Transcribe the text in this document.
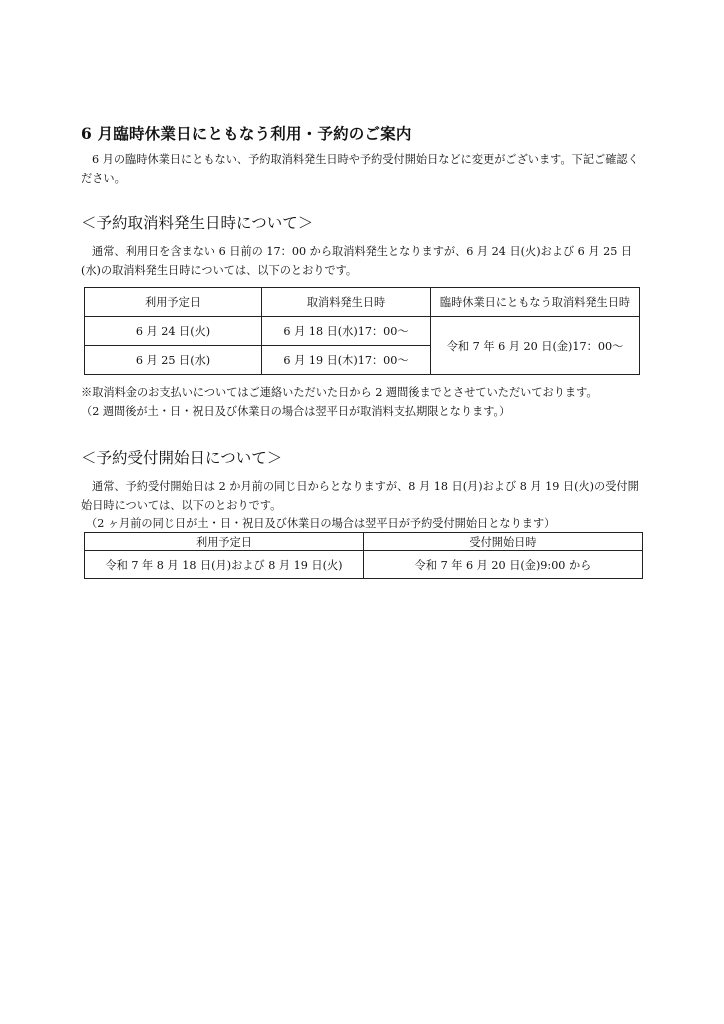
6 月臨時休業日にともなう利用・予約のご案内
6 月の臨時休業日にともない、予約取消料発生日時や予約受付開始日などに変更がございます。下記ご確認ください。
＜予約取消料発生日時について＞
通常、利用日を含まない 6 日前の 17：00 から取消料発生となりますが、6 月 24 日(火)および 6 月 25 日(水)の取消料発生日時については、以下のとおりです。
利用予定日	取消料発生日時	臨時休業日にともなう取消料発生日時
6 月 24 日(火)	6 月 18 日(水)17：00～	令和 7 年 6 月 20 日(金)17：00～
6 月 25 日(水)	6 月 19 日(木)17：00～	
※取消料金のお支払いについてはご連絡いただいた日から 2 週間後までとさせていただいております。
（2 週間後が土・日・祝日及び休業日の場合は翌平日が取消料支払期限となります。）
＜予約受付開始日について＞
通常、予約受付開始日は 2 か月前の同じ日からとなりますが、8 月 18 日(月)および 8 月 19 日(火)の受付開始日時については、以下のとおりです。
（2 ヶ月前の同じ日が土・日・祝日及び休業日の場合は翌平日が予約受付開始日となります）
利用予定日	受付開始日時
令和 7 年 8 月 18 日(月)および 8 月 19 日(火)	令和 7 年 6 月 20 日(金)9:00 から
